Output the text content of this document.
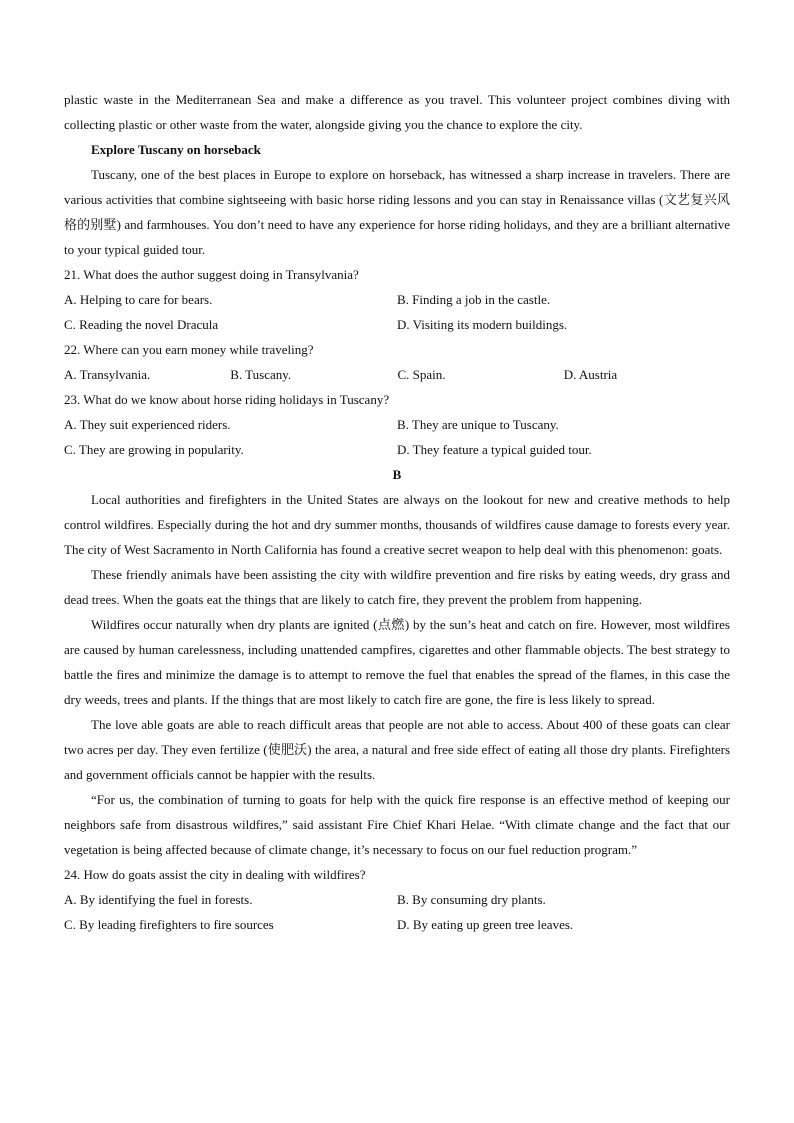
plastic waste in the Mediterranean Sea and make a difference as you travel. This volunteer project combines diving with collecting plastic or other waste from the water, alongside giving you the chance to explore the city.

Explore Tuscany on horseback

Tuscany, one of the best places in Europe to explore on horseback, has witnessed a sharp increase in travelers. There are various activities that combine sightseeing with basic horse riding lessons and you can stay in Renaissance villas (文艺复兴风格的别墅) and farmhouses. You don’t need to have any experience for horse riding holidays, and they are a brilliant alternative to your typical guided tour.

21. What does the author suggest doing in Transylvania?

A. Helping to care for bears.	B. Finding a job in the castle.
C. Reading the novel Dracula	D. Visiting its modern buildings.

22. Where can you earn money while traveling?

A. Transylvania.	B. Tuscany.	C. Spain.	D. Austria

23. What do we know about horse riding holidays in Tuscany?

A. They suit experienced riders.	B. They are unique to Tuscany.
C. They are growing in popularity.	D. They feature a typical guided tour.

B

Local authorities and firefighters in the United States are always on the lookout for new and creative methods to help control wildfires. Especially during the hot and dry summer months, thousands of wildfires cause damage to forests every year. The city of West Sacramento in North California has found a creative secret weapon to help deal with this phenomenon: goats.

These friendly animals have been assisting the city with wildfire prevention and fire risks by eating weeds, dry grass and dead trees. When the goats eat the things that are likely to catch fire, they prevent the problem from happening.

Wildfires occur naturally when dry plants are ignited (点燃) by the sun’s heat and catch on fire. However, most wildfires are caused by human carelessness, including unattended campfires, cigarettes and other flammable objects. The best strategy to battle the fires and minimize the damage is to attempt to remove the fuel that enables the spread of the flames, in this case the dry weeds, trees and plants. If the things that are most likely to catch fire are gone, the fire is less likely to spread.

The love able goats are able to reach difficult areas that people are not able to access. About 400 of these goats can clear two acres per day. They even fertilize (使肥沃) the area, a natural and free side effect of eating all those dry plants. Firefighters and government officials cannot be happier with the results.

“For us, the combination of turning to goats for help with the quick fire response is an effective method of keeping our neighbors safe from disastrous wildfires,” said assistant Fire Chief Khari Helae. “With climate change and the fact that our vegetation is being affected because of climate change, it’s necessary to focus on our fuel reduction program.”

24. How do goats assist the city in dealing with wildfires?

A. By identifying the fuel in forests.	B. By consuming dry plants.
C. By leading firefighters to fire sources	D. By eating up green tree leaves.
